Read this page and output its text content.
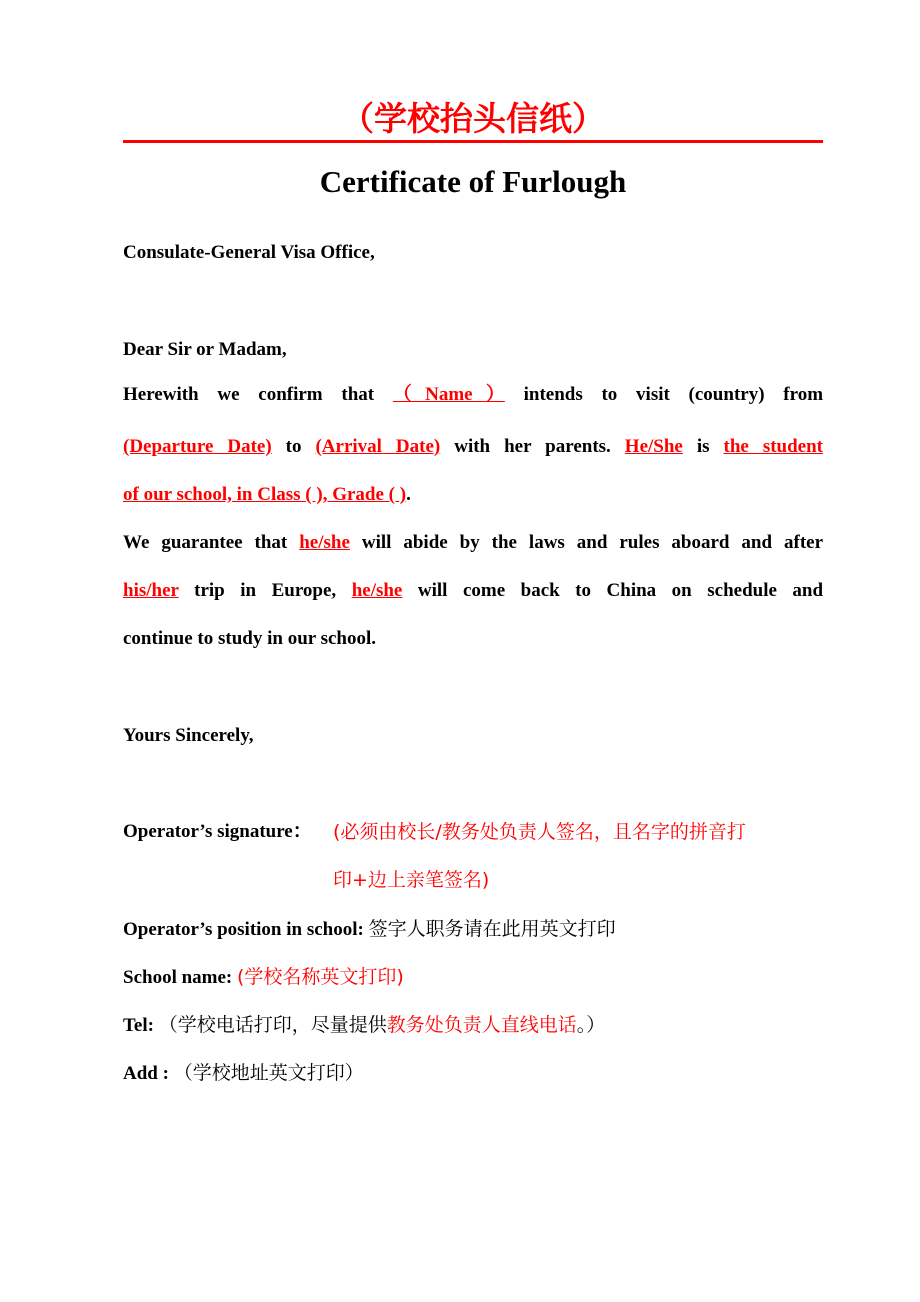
（学校抬头信纸）
Certificate of Furlough
Consulate-General Visa Office,
Dear Sir or Madam,
Herewith we confirm that （Name） intends to visit (country) from
(Departure Date) to (Arrival Date) with her parents. He/She is the student
of our school, in Class ( ), Grade ( ).
We guarantee that he/she will abide by the laws and rules aboard and after
his/her trip in Europe, he/she will come back to China on schedule and
continue to study in our school.
Yours Sincerely,
Operator’s signature：	(必须由校长/教务处负责人签名，且名字的拼音打
印+边上亲笔签名)
Operator’s position in school: 签字人职务请在此用英文打印
School name: (学校名称英文打印)
Tel: （学校电话打印，尽量提供教务处负责人直线电话。）
Add : （学校地址英文打印）
